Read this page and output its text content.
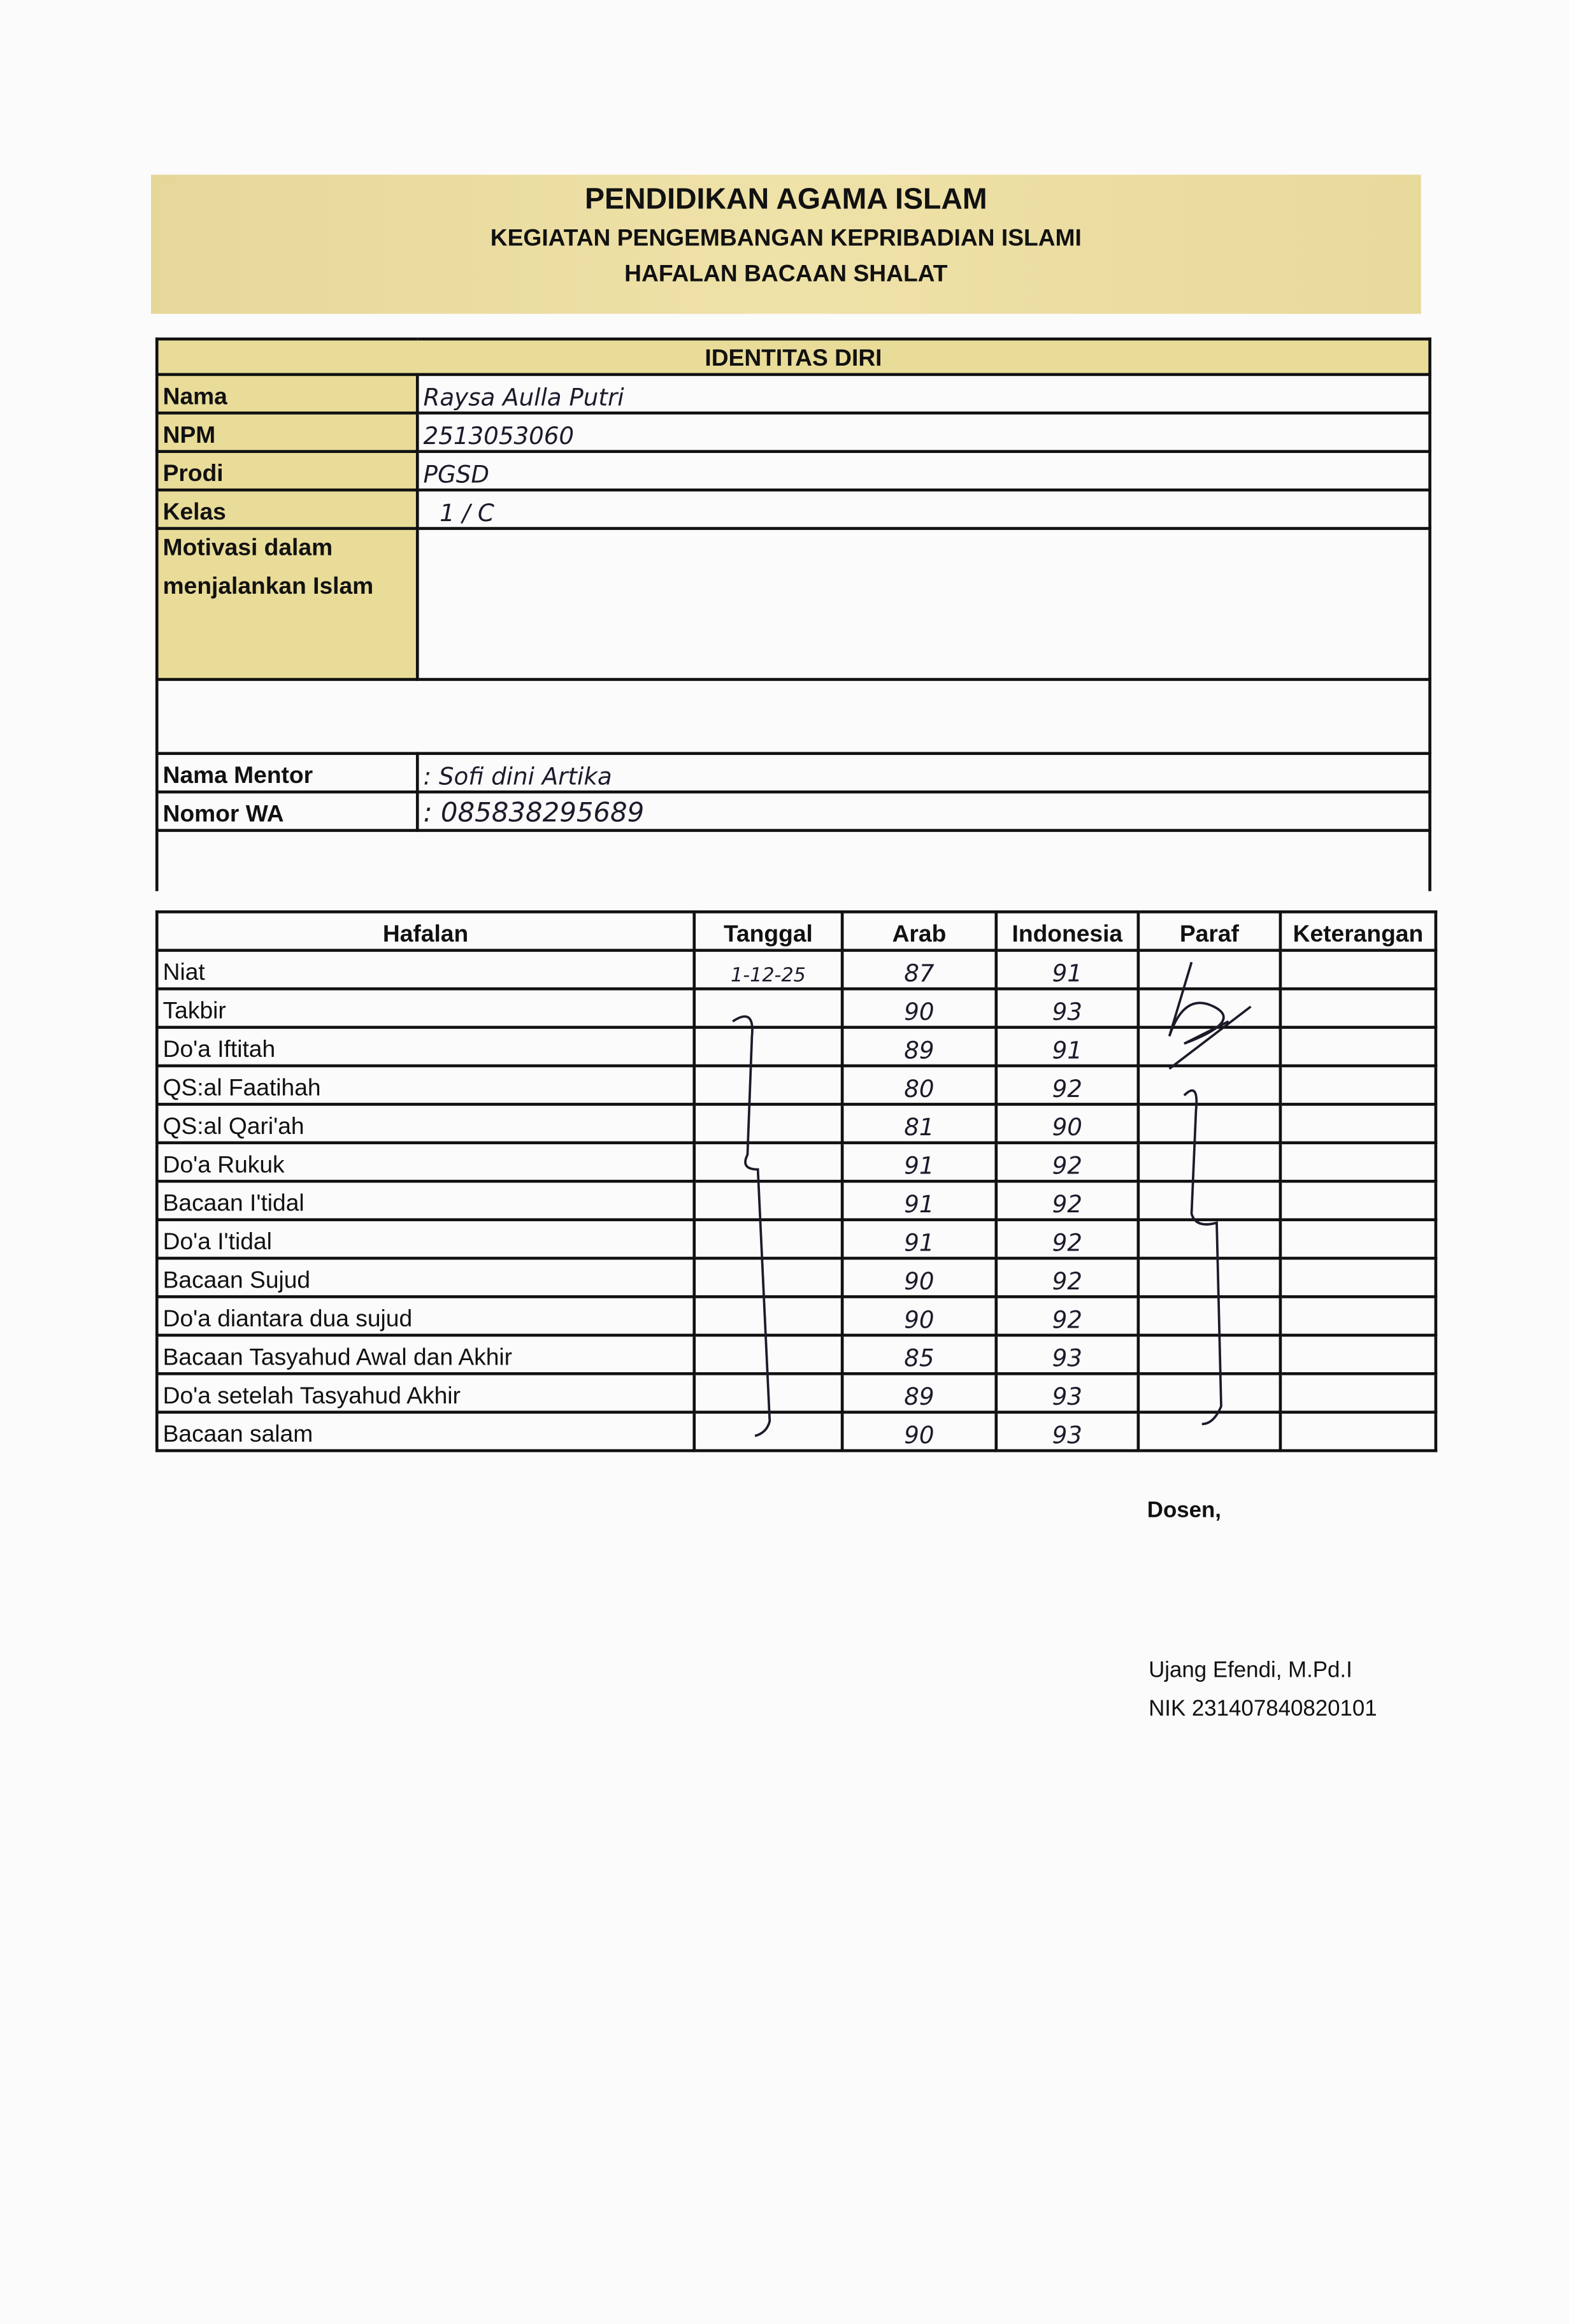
PENDIDIKAN AGAMA ISLAM
KEGIATAN PENGEMBANGAN KEPRIBADIAN ISLAMI
HAFALAN BACAAN SHALAT
IDENTITAS DIRI	
Nama	Raysa Aulla Putri
NPM	2513053060
Prodi	PGSD
Kelas	1 / C
Motivasi dalam menjalankan Islam	

Nama Mentor	: Sofi dini Artika
Nomor WA	: 085838295689

Hafalan	Tanggal	Arab	Indonesia	Paraf	Keterangan
Niat	1-12-25	87	91		
Takbir		90	93		
Do'a Iftitah		89	91		
QS:al Faatihah		80	92		
QS:al Qari'ah		81	90		
Do'a Rukuk		91	92		
Bacaan I'tidal		91	92		
Do'a I'tidal		91	92		
Bacaan Sujud		90	92		
Do'a diantara dua sujud		90	92		
Bacaan Tasyahud Awal dan Akhir		85	93		
Do'a setelah Tasyahud Akhir		89	93		
Bacaan salam		90	93		
Dosen,
Ujang Efendi, M.Pd.I
NIK 231407840820101
